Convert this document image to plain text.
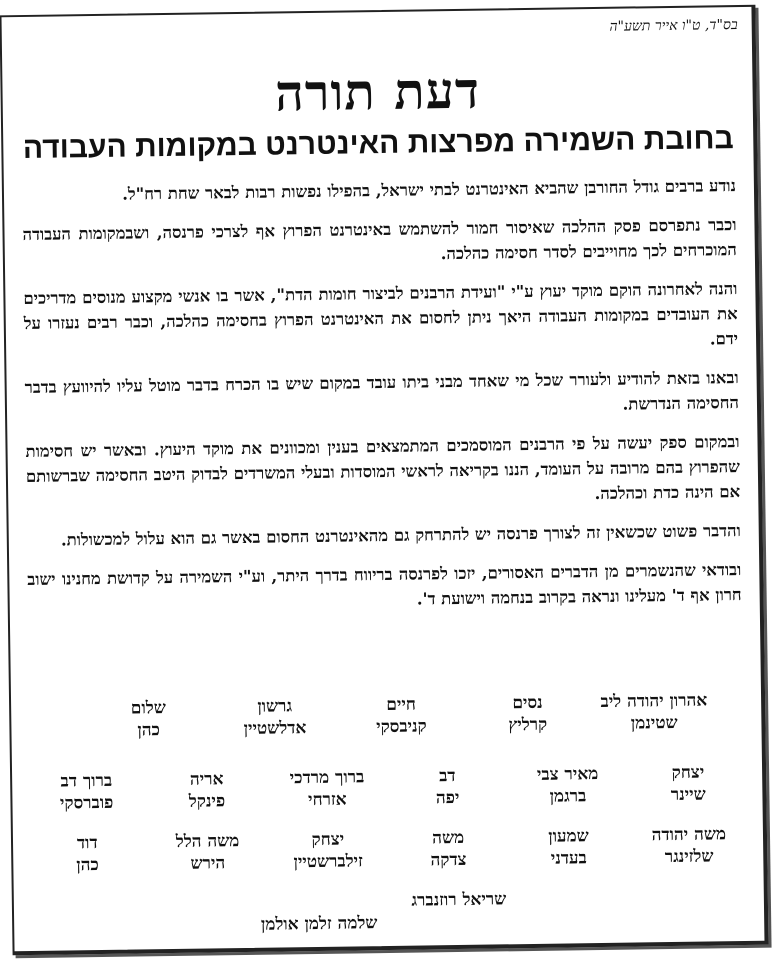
בס"ד, ט"ו אייר תשע"ה
דעת תורה
בחובת השמירה מפרצות האינטרנט במקומות העבודה

נודע ברבים גודל החורבן שהביא האינטרנט לבתי ישראל, בהפילו נפשות רבות לבאר שחת רח"ל.

וכבר נתפרסם פסק ההלכה שאיסור חמור להשתמש באינטרנט הפרוץ אף לצרכי פרנסה, ושבמקומות העבודה המוכרחים לכך מחוייבים לסדר חסימה כהלכה.

והנה לאחרונה הוקם מוקד יעוץ ע"י "ועידת הרבנים לביצור חומות הדת", אשר בו אנשי מקצוע מנוסים מדריכים את העובדים במקומות העבודה היאך ניתן לחסום את האינטרנט הפרוץ בחסימה כהלכה, וכבר רבים נעזרו על ידם.

ובאנו בזאת להודיע ולעורר שכל מי שאחד מבני ביתו עובד במקום שיש בו הכרח בדבר מוטל עליו להיוועץ בדבר החסימה הנדרשת.

ובמקום ספק יעשה על פי הרבנים המוסמכים המתמצאים בענין ומכוונים את מוקד היעוץ. ובאשר יש חסימות שהפרוץ בהם מרובה על העומד, הננו בקריאה לראשי המוסדות ובעלי המשרדים לבדוק היטב החסימה שברשותם אם הינה כדת וכהלכה.

והדבר פשוט שכשאין זה לצורך פרנסה יש להתרחק גם מהאינטרנט החסום באשר גם הוא עלול למכשולות.

ובודאי שהנשמרים מן הדברים האסורים, יזכו לפרנסה בריווח בדרך היתר, וע"י השמירה על קדושת מחנינו ישוב חרון אף ד' מעלינו ונראה בקרוב בנחמה וישועת ד'.

אהרון יהודה ליב
שטינמן
נסים
קרליץ
חיים
קניבסקי
גרשון
אדלשטיין
שלום
כהן
יצחק
שיינר
מאיר צבי
ברגמן
דב
יפה
ברוך מרדכי
אזרחי
אריה
פינקל
ברוך דב
פוברסקי
משה יהודה
שלזינגר
שמעון
בעדני
משה
צדקה
יצחק
זילברשטיין
משה הלל
הירש
דוד
כהן
שריאל רוזנברג
שלמה זלמן אולמן
